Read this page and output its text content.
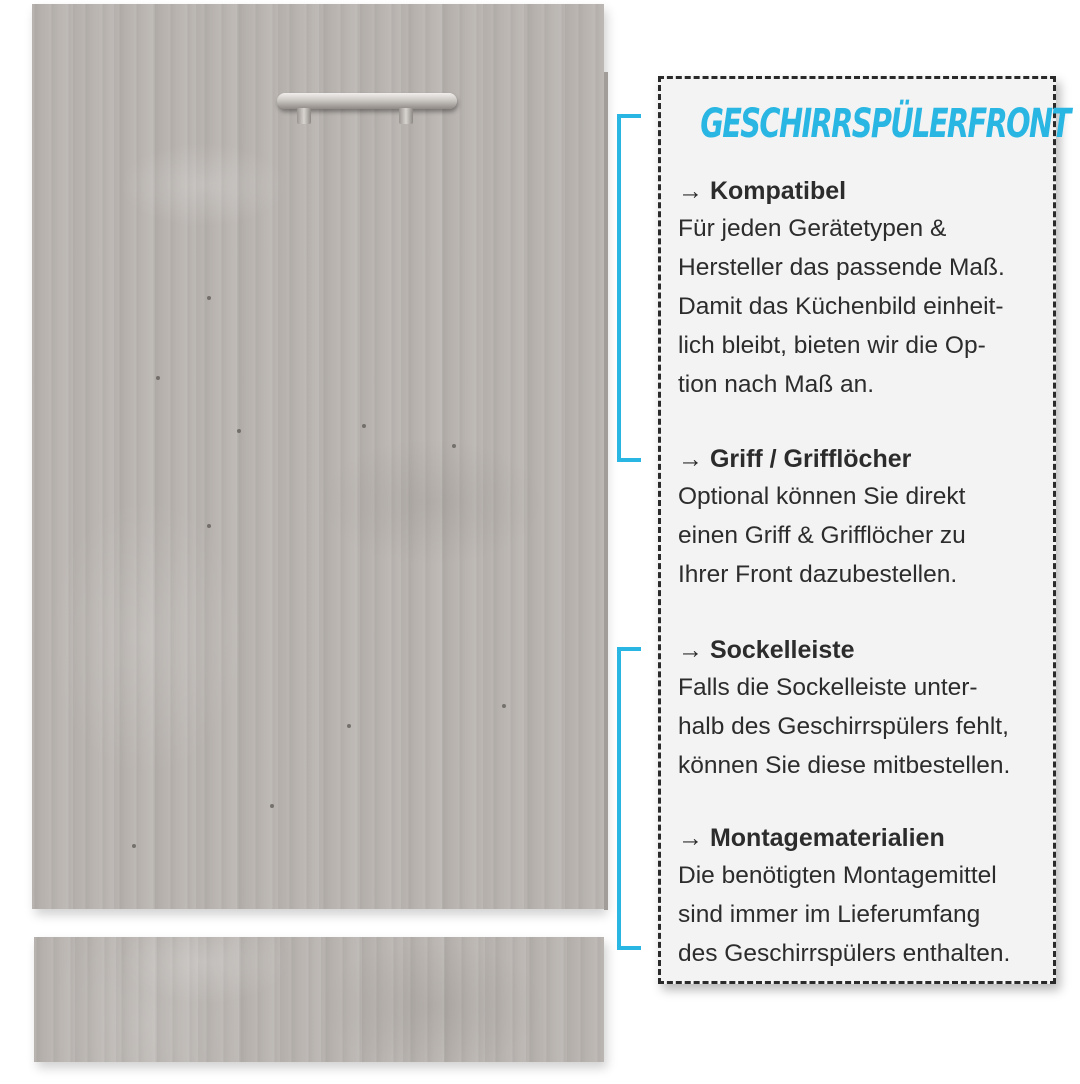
GESCHIRRSPÜLERFRONT
→ Kompatibel
Für jeden Gerätetypen &
Hersteller das passende Maß.
Damit das Küchenbild einheit-
lich bleibt, bieten wir die Op-
tion nach Maß an.
→ Griff / Grifflöcher
Optional können Sie direkt
einen Griff & Grifflöcher zu
Ihrer Front dazubestellen.
→ Sockelleiste
Falls die Sockelleiste unter-
halb des Geschirrspülers fehlt,
können Sie diese mitbestellen.
→ Montagematerialien
Die benötigten Montagemittel
sind immer im Lieferumfang
des Geschirrspülers enthalten.
